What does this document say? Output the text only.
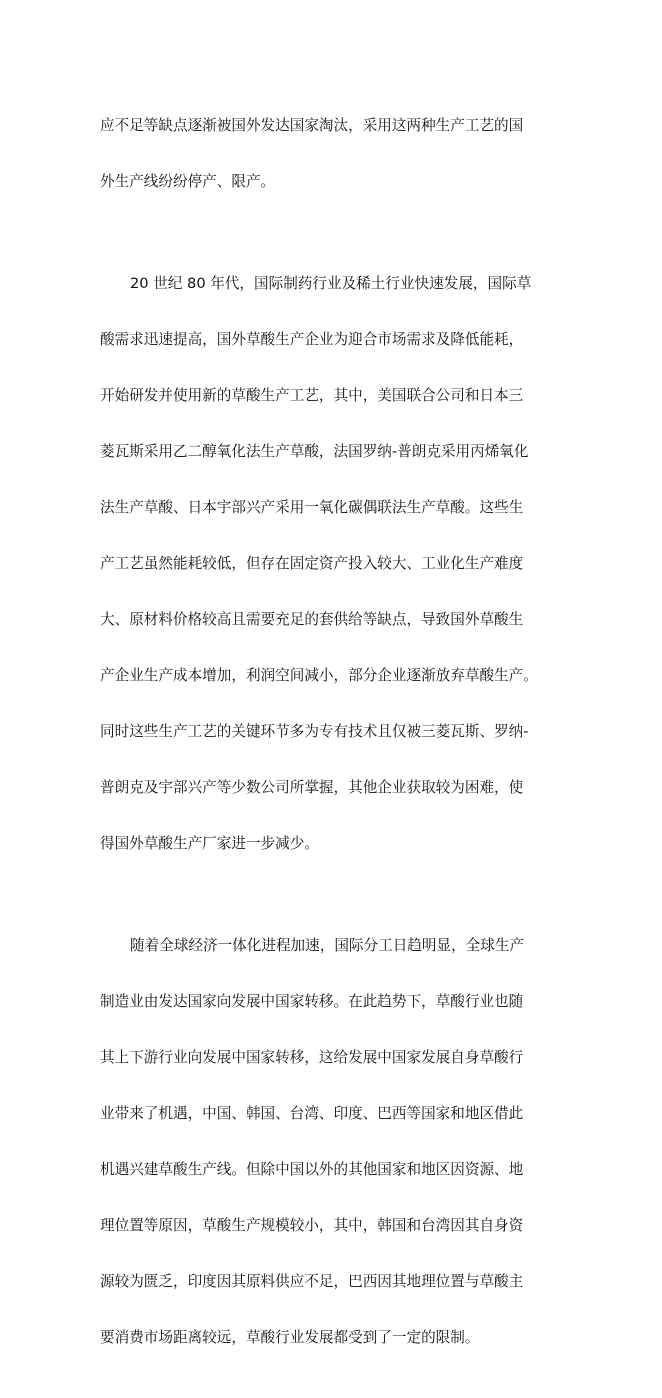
应不足等缺点逐渐被国外发达国家淘汰，采用这两种生产工艺的国

外生产线纷纷停产、限产。

20 世纪 80 年代，国际制药行业及稀土行业快速发展，国际草

酸需求迅速提高，国外草酸生产企业为迎合市场需求及降低能耗，

开始研发并使用新的草酸生产工艺，其中，美国联合公司和日本三

菱瓦斯采用乙二醇氧化法生产草酸，法国罗纳-普朗克采用丙烯氧化

法生产草酸、日本宇部兴产采用一氧化碳偶联法生产草酸。这些生

产工艺虽然能耗较低，但存在固定资产投入较大、工业化生产难度

大、原材料价格较高且需要充足的套供给等缺点，导致国外草酸生

产企业生产成本增加，利润空间减小，部分企业逐渐放弃草酸生产。

同时这些生产工艺的关键环节多为专有技术且仅被三菱瓦斯、罗纳-

普朗克及宇部兴产等少数公司所掌握，其他企业获取较为困难，使

得国外草酸生产厂家进一步减少。

随着全球经济一体化进程加速，国际分工日趋明显，全球生产

制造业由发达国家向发展中国家转移。在此趋势下，草酸行业也随

其上下游行业向发展中国家转移，这给发展中国家发展自身草酸行

业带来了机遇，中国、韩国、台湾、印度、巴西等国家和地区借此

机遇兴建草酸生产线。但除中国以外的其他国家和地区因资源、地

理位置等原因，草酸生产规模较小，其中，韩国和台湾因其自身资

源较为匮乏，印度因其原料供应不足，巴西因其地理位置与草酸主

要消费市场距离较远，草酸行业发展都受到了一定的限制。
